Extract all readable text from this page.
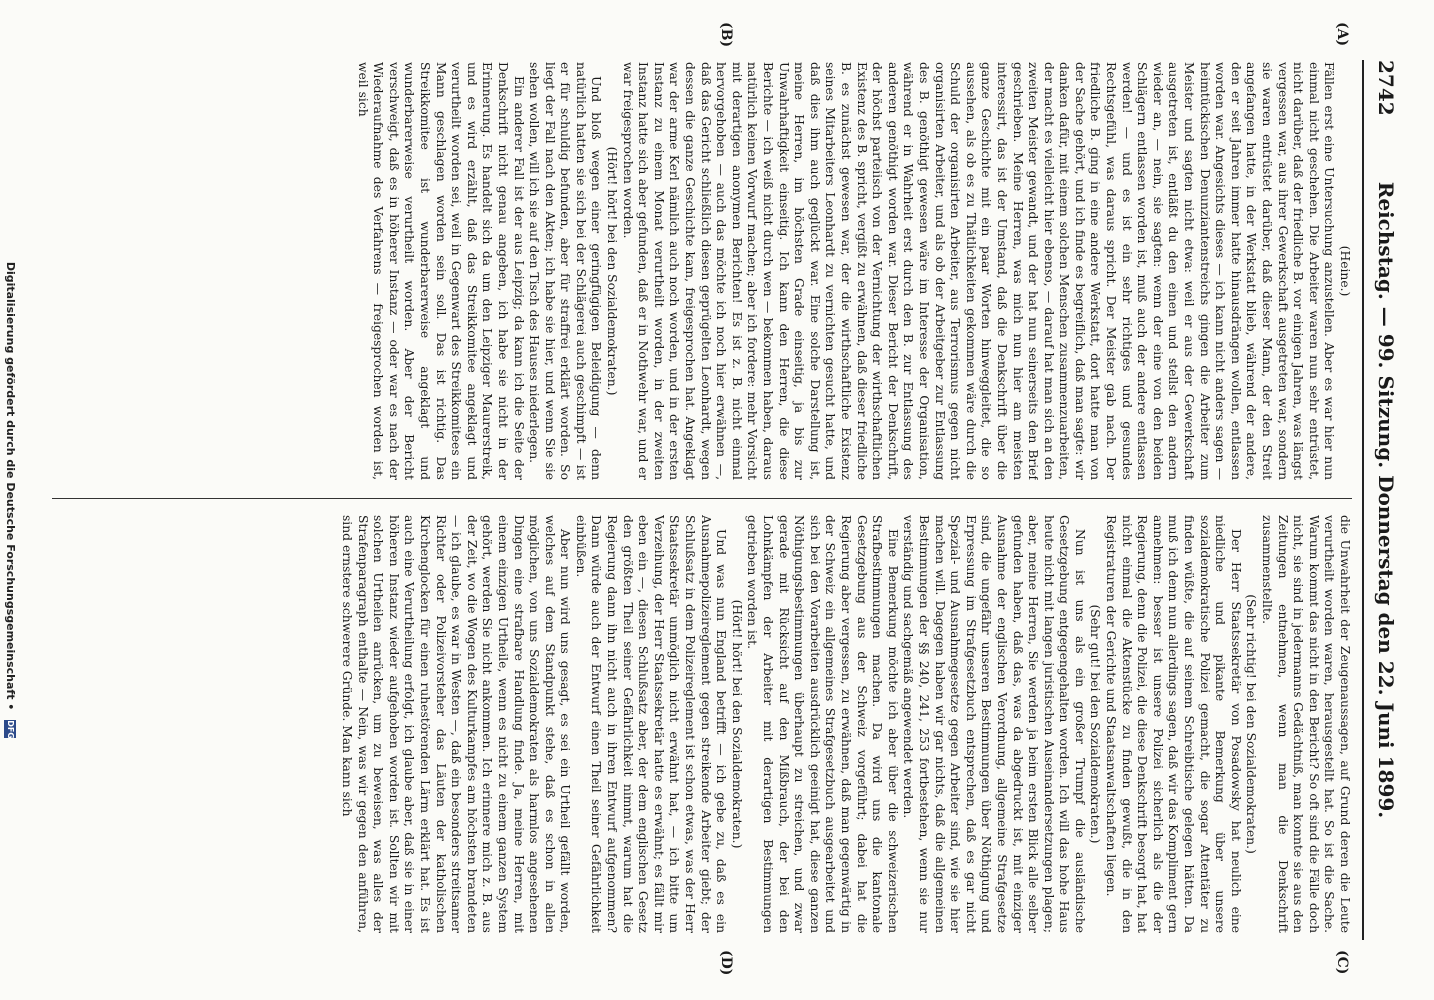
2742
Reichstag. — 99. Sitzung. Donnerstag den 22. Juni 1899.
(A)
(B)
(C)
(D)

(Heine.)

Fällen erst eine Untersuchung anzustellen. Aber es war hier nun einmal nicht geschehen. Die Arbeiter waren nun sehr entrüstet, nicht darüber, daß der friedliche B. vor einigen Jahren, was längst vergessen war, aus ihrer Gewerkschaft ausgetreten war, sondern sie waren entrüstet darüber, daß dieser Mann, der den Streit angefangen hatte, in der Werkstatt blieb, während der andere, den er seit Jahren immer hatte hinausdrängen wollen, entlassen worden war. Angesichts dieses — ich kann nicht anders sagen — heimtückischen Denunziantenstreichs gingen die Arbeiter zum Meister und sagten nicht etwa: weil er aus der Gewerkschaft ausgetreten ist, entläßt du den einen und stellst den andern wieder an, — nein, sie sagten: wenn der eine von den beiden Schlägern entlassen worden ist, muß auch der andere entlassen werden! — und es ist ein sehr richtiges und gesundes Rechtsgefühl, was daraus spricht. Der Meister gab nach. Der friedliche B. ging in eine andere Werkstatt, dort hatte man von der Sache gehört, und ich finde es begreiflich, daß man sagte: wir danken dafür, mit einem solchen Menschen zusammenzuarbeiten, der macht es vielleicht hier ebenso, — darauf hat man sich an den zweiten Meister gewandt, und der hat nun seinerseits den Brief geschrieben. Meine Herren, was mich nun hier am meisten interessirt, das ist der Umstand, daß die Denkschrift über die ganze Geschichte mit ein paar Worten hinweggleitet, die so aussehen, als ob es zu Thätlichkeiten gekommen wäre durch die Schuld der organisirten Arbeiter, aus Terrorismus gegen nicht organisirten Arbeiter, und als ob der Arbeitgeber zur Entlassung des B. genöthigt gewesen wäre im Interesse der Organisation, während er in Wahrheit erst durch den B. zur Entlassung des anderen genöthigt worden war. Dieser Bericht der Denkschrift, der höchst parteiisch von der Vernichtung der wirthschaftlichen Existenz des B. spricht, vergißt zu erwähnen, daß dieser friedliche B. es zunächst gewesen war, der die wirthschaftliche Existenz seines Mitarbeiters Leonhardt zu vernichten gesucht hatte, und daß dies ihm auch geglückt war. Eine solche Darstellung ist, meine Herren, im höchsten Grade einseitig, ja bis zur Unwahrhaftigkeit einseitig. Ich kann den Herren, die diese Berichte — ich weiß nicht durch wen — bekommen haben, daraus natürlich keinen Vorwurf machen; aber ich fordere: mehr Vorsicht mit derartigen anonymen Berichten! Es ist z. B. nicht einmal hervorgehoben — auch das möchte ich noch hier erwähnen —, daß das Gericht schließlich diesen geprügelten Leonhardt, wegen dessen die ganze Geschichte kam, freigesprochen hat. Angeklagt war der arme Kerl nämlich auch noch worden, und in der ersten Instanz zu einem Monat verurtheilt worden, in der zweiten Instanz hatte sich aber gefunden, daß er in Nothwehr war, und er war freigesprochen worden.

(Hört! hört! bei den Sozialdemokraten.)

Und bloß wegen einer geringfügigen Beleidigung — denn natürlich hatten sie sich bei der Schlägerei auch geschimpft — ist er für schuldig befunden, aber für straffrei erklärt worden. So liegt der Fall nach den Akten; ich habe sie hier, und wenn Sie sie sehen wollen, will ich sie auf den Tisch des Hauses niederlegen.

Ein anderer Fall ist der aus Leipzig; da kann ich die Seite der Denkschrift nicht genau angeben, ich habe sie nicht in der Erinnerung. Es handelt sich da um den Leipziger Maurerstreik, und es wird erzählt, daß das Streikkomitee angeklagt und verurtheilt worden sei, weil in Gegenwart des Streikkomitees ein Mann geschlagen worden sein soll. Das ist richtig. Das Streikkomitee ist wunderbarerweise angeklagt und wunderbarerweise verurtheilt worden. Aber der Bericht verschweigt, daß es in höherer Instanz — oder war es nach der Wiederaufnahme des Verfahrens — freigesprochen worden ist, weil sich

die Unwahrheit der Zeugenaussagen, auf Grund deren die Leute verurtheilt worden waren, herausgestellt hat. So ist die Sache. Warum kommt das nicht in den Bericht? So oft sind die Fälle doch nicht, sie sind in jedermanns Gedächtniß, man konnte sie aus den Zeitungen entnehmen, wenn man die Denkschrift zusammenstellte.

(Sehr richtig! bei den Sozialdemokraten.)

Der Herr Staatssekretär von Posadowsky hat neulich eine niedliche und pikante Bemerkung über unsere sozialdemokratische Polizei gemacht, die sogar Attentäter zu finden wüßte, die auf seinem Schreibtische gelegen hätten. Da muß ich denn nun allerdings sagen, daß wir das Kompliment gern annehmen: besser ist unsere Polizei sicherlich als die der Regierung, denn die Polizei, die diese Denkschrift besorgt hat, hat nicht einmal die Aktenstücke zu finden gewußt, die in den Registraturen der Gerichte und Staatsanwaltschaften liegen.

(Sehr gut! bei den Sozialdemokraten.)

Nun ist uns als ein großer Trumpf die ausländische Gesetzgebung entgegengehalten worden. Ich will das hohe Haus heute nicht mit langen juristischen Auseinandersetzungen plagen; aber, meine Herren, Sie werden ja beim ersten Blick alle selber gefunden haben, daß das, was da abgedruckt ist, mit einziger Ausnahme der englischen Verordnung, allgemeine Strafgesetze sind, die ungefähr unseren Bestimmungen über Nöthigung und Erpressung im Strafgesetzbuch entsprechen, daß es gar nicht Spezial- und Ausnahmegesetze gegen Arbeiter sind, wie sie hier machen will. Dagegen haben wir gar nichts, daß die allgemeinen Bestimmungen der §§ 240, 241, 253 fortbestehen, wenn sie nur verständig und sachgemäß angewendet werden.

Eine Bemerkung möchte ich aber über die schweizerischen Strafbestimmungen machen. Da wird uns die kantonale Gesetzgebung aus der Schweiz vorgeführt; dabei hat die Regierung aber vergessen, zu erwähnen, daß man gegenwärtig in der Schweiz ein allgemeines Strafgesetzbuch ausgearbeitet und sich bei den Vorarbeiten ausdrücklich geeinigt hat, diese ganzen Nöthigungsbestimmungen überhaupt zu streichen, und zwar gerade mit Rücksicht auf den Mißbrauch, der bei den Lohnkämpfen der Arbeiter mit derartigen Bestimmungen getrieben worden ist.

(Hört! hört! bei den Sozialdemokraten.)

Und was nun England betrifft — ich gebe zu, daß es ein Ausnahmepolizeireglement gegen streikende Arbeiter giebt; der Schlußsatz in dem Polizeireglement ist schon etwas, was der Herr Staatssekretär unmöglich nicht erwähnt hat, — ich bitte um Verzeihung, der Herr Staatssekretär hatte es erwähnt; es fällt mir eben ein —, diesen Schlußsatz aber, der dem englischen Gesetz den größten Theil seiner Gefährlichkeit nimmt, warum hat die Regierung dann ihn nicht auch in ihren Entwurf aufgenommen? Dann würde auch der Entwurf einen Theil seiner Gefährlichkeit einbüßen.

Aber nun wird uns gesagt, es sei ein Urtheil gefällt worden, welches auf dem Standpunkt stehe, daß es schon in allen möglichen, von uns Sozialdemokraten als harmlos angesehenen Dingen eine strafbare Handlung finde. Ja, meine Herren, mit einem einzigen Urtheile, wenn es nicht zu einem ganzen System gehört, werden Sie nicht ankommen. Ich erinnere mich z. B. aus der Zeit, wo die Wogen des Kulturkampfes am höchsten brandeten — ich glaube, es war in Westen —, daß ein besonders streitsamer Richter oder Polizeivorsteher das Läuten der katholischen Kirchenglocken für einen ruhestörenden Lärm erklärt hat. Es ist auch eine Verurtheilung erfolgt, ich glaube aber, daß sie in einer höheren Instanz wieder aufgehoben worden ist. Sollten wir mit solchen Urtheilen anrücken, um zu beweisen, was alles der Strafenparagraph enthalte — Nein, was wir gegen den anführen, sind ernstere schwerere Gründe. Man kann sich

Digitalisierung gefördert durch die Deutsche Forschungsgemeinschaft • DFG
